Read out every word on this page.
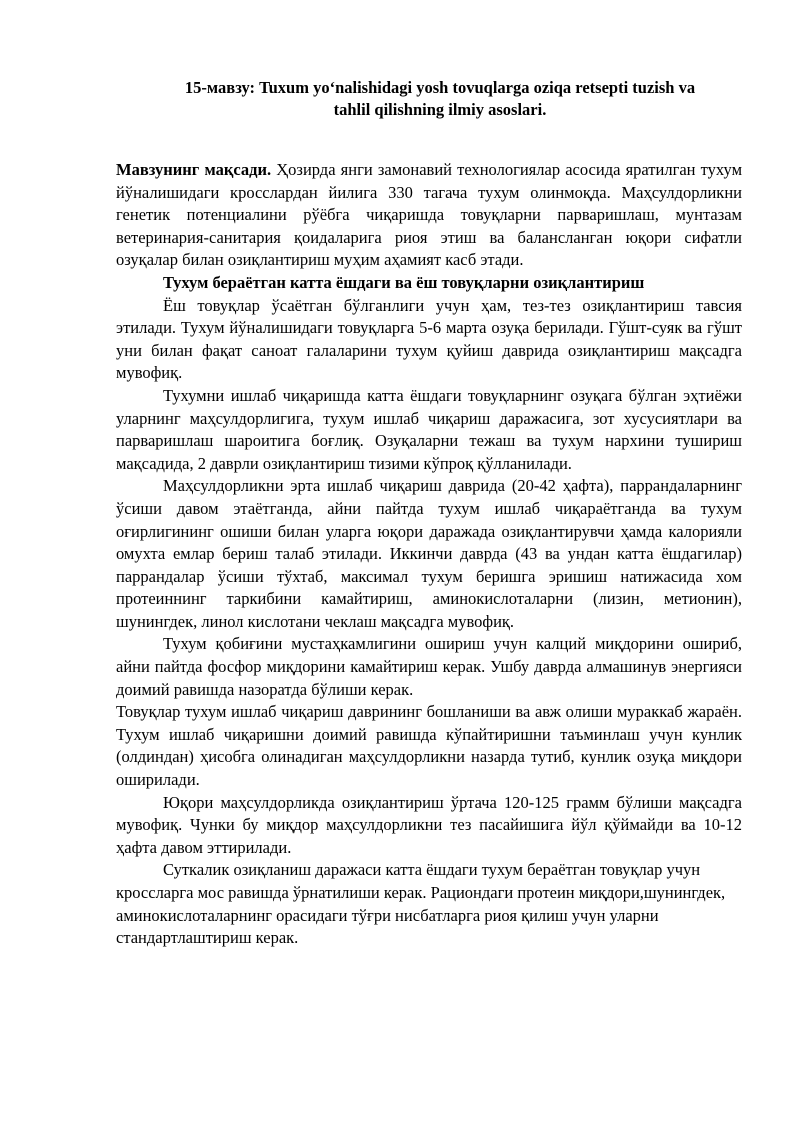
15-мавзу: Tuxum yoʻnalishidagi yosh tovuqlarga oziqa retsepti tuzish va
tahlil qilishning ilmiy asoslari.

Мавзунинг мақсади. Ҳозирда янги замонавий технологиялар асосида яратилган тухум йўналишидаги кросслардан йилига 330 тагача тухум олинмоқда. Маҳсулдорликни генетик потенциалини рўёбга чиқаришда товуқларни парваришлаш, мунтазам ветеринария-санитария қоидаларига риоя этиш ва балансланган юқори сифатли озуқалар билан озиқлантириш муҳим аҳамият касб этади.

Тухум бераётган катта ёшдаги ва ёш товуқларни озиқлантириш

Ёш товуқлар ўсаётган бўлганлиги учун ҳам, тез-тез озиқлантириш тавсия этилади. Тухум йўналишидаги товуқларга 5-6 марта озуқа берилади. Гўшт-суяк ва гўшт уни билан фақат саноат галаларини тухум қуйиш даврида озиқлантириш мақсадга мувофиқ.

Тухумни ишлаб чиқаришда катта ёшдаги товуқларнинг озуқага бўлган эҳтиёжи уларнинг маҳсулдорлигига, тухум ишлаб чиқариш даражасига, зот хусусиятлари ва парваришлаш шароитига боғлиқ. Озуқаларни тежаш ва тухум нархини тушириш мақсадида, 2 даврли озиқлантириш тизими кўпроқ қўлланилади.

Маҳсулдорликни эрта ишлаб чиқариш даврида (20-42 ҳафта), паррандаларнинг ўсиши давом этаётганда, айни пайтда тухум ишлаб чиқараётганда ва тухум оғирлигининг ошиши билан уларга юқори даражада озиқлантирувчи ҳамда калорияли омухта емлар бериш талаб этилади. Иккинчи даврда (43 ва ундан катта ёшдагилар) паррандалар ўсиши тўхтаб, максимал тухум беришга эришиш натижасида хом протеиннинг таркибини камайтириш, аминокислоталарни (лизин, метионин), шунингдек, линол кислотани чеклаш мақсадга мувофиқ.

Тухум қобиғини мустаҳкамлигини ошириш учун калций миқдорини ошириб, айни пайтда фосфор миқдорини камайтириш керак. Ушбу даврда алмашинув энергияси доимий равишда назоратда бўлиши керак.

Товуқлар тухум ишлаб чиқариш даврининг бошланиши ва авж олиши мураккаб жараён. Тухум ишлаб чиқаришни доимий равишда кўпайтиришни таъминлаш учун кунлик (олдиндан) ҳисобга олинадиган маҳсулдорликни назарда тутиб, кунлик озуқа миқдори оширилади.

Юқори маҳсулдорликда озиқлантириш ўртача 120-125 грамм бўлиши мақсадга мувофиқ. Чунки бу миқдор маҳсулдорликни тез пасайишига йўл қўймайди ва 10-12 ҳафта давом эттирилади.

Суткалик озиқланиш даражаси катта ёшдаги тухум бераётган товуқлар учун кроссларга мос равишда ўрнатилиши керак. Рациондаги протеин миқдори,шунингдек, аминокислоталарнинг орасидаги тўғри нисбатларга риоя қилиш учун уларни стандартлаштириш керак.
